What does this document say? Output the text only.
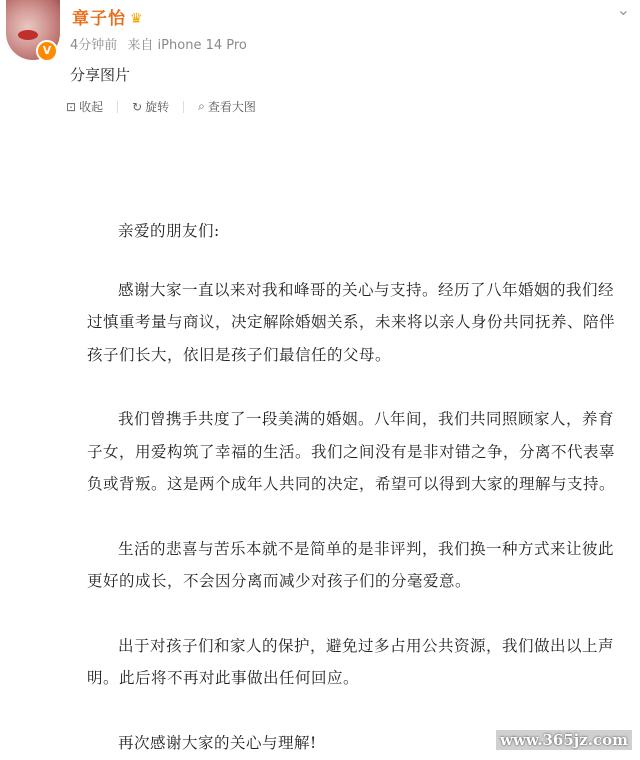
V
章子怡 ♛	⌄
4分钟前 来自 iPhone 14 Pro
分享图片
⊡ 收起 ↻ 旋转 ⌕ 查看大图

亲爱的朋友们:

感谢大家一直以来对我和峰哥的关心与支持。经历了八年婚姻的我们经过慎重考量与商议，决定解除婚姻关系，未来将以亲人身份共同抚养、陪伴孩子们长大，依旧是孩子们最信任的父母。

我们曾携手共度了一段美满的婚姻。八年间，我们共同照顾家人，养育子女，用爱构筑了幸福的生活。我们之间没有是非对错之争，分离不代表辜负或背叛。这是两个成年人共同的决定，希望可以得到大家的理解与支持。

生活的悲喜与苦乐本就不是简单的是非评判，我们换一种方式来让彼此更好的成长，不会因分离而减少对孩子们的分毫爱意。

出于对孩子们和家人的保护，避免过多占用公共资源，我们做出以上声明。此后将不再对此事做出任何回应。

再次感谢大家的关心与理解!	www.365jz.com
